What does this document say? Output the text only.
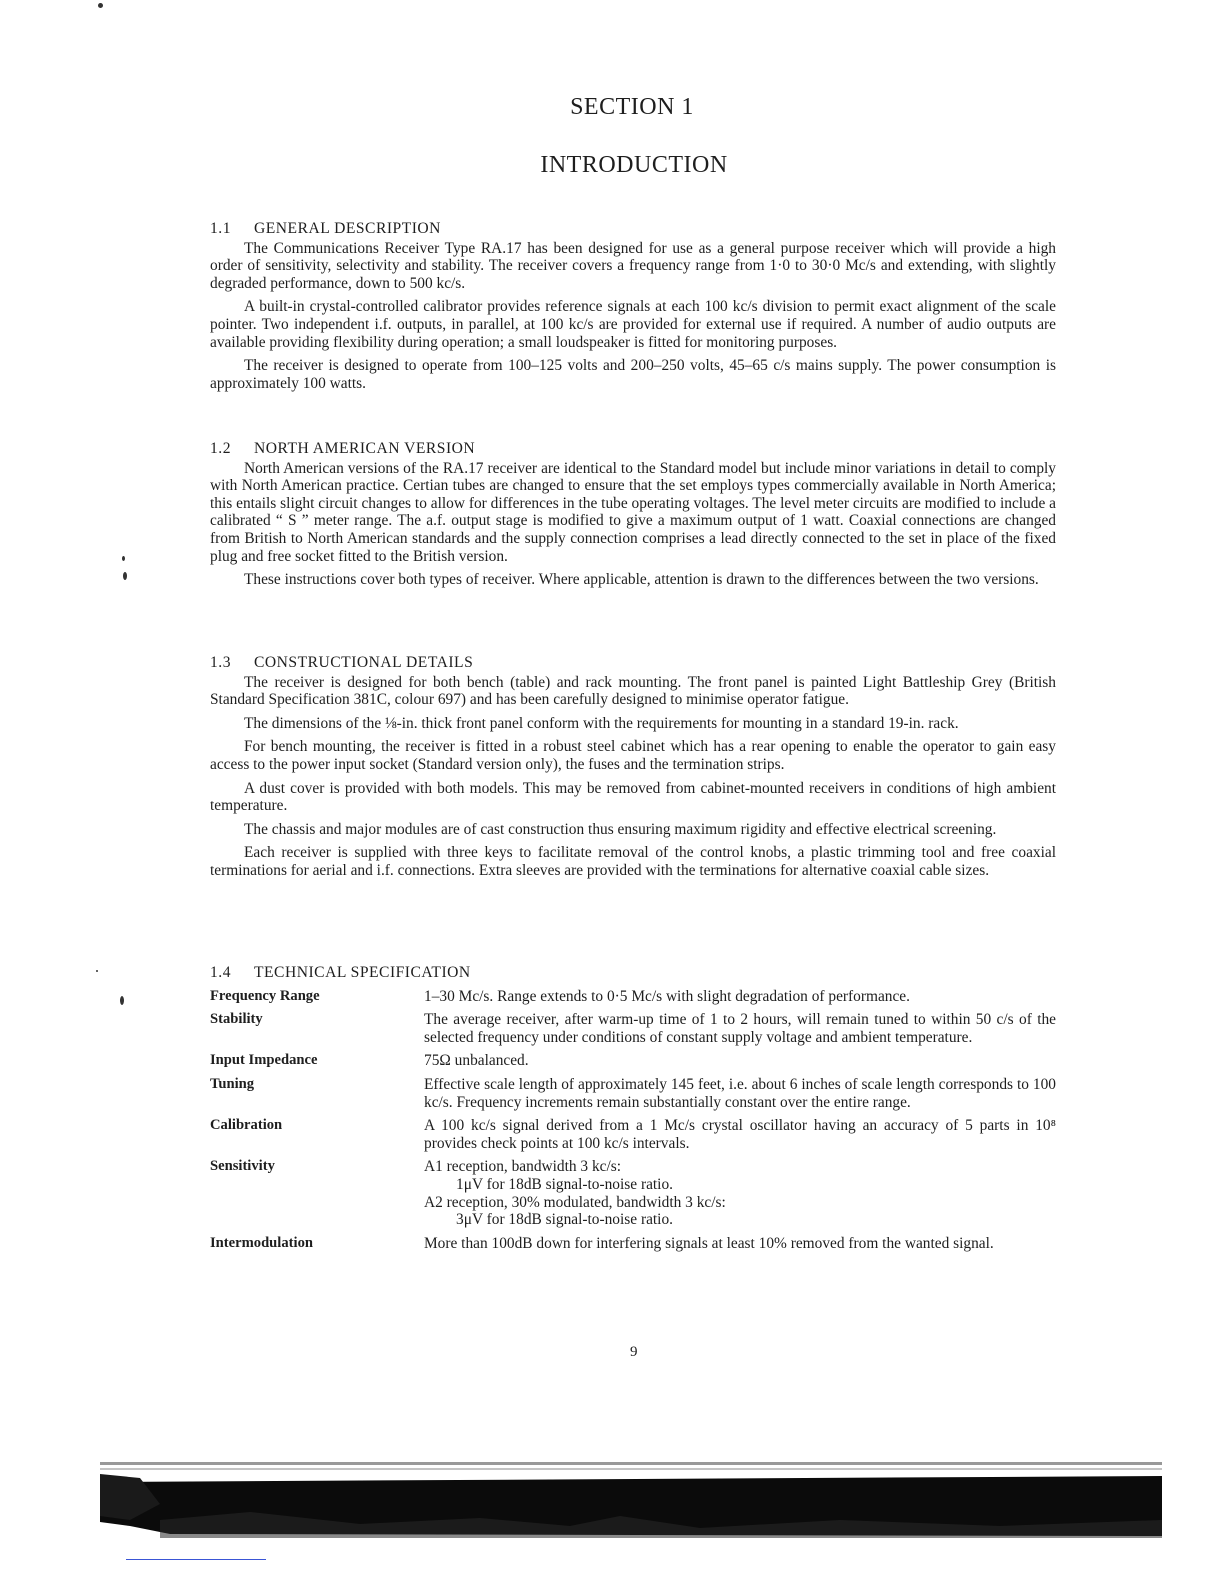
SECTION 1
INTRODUCTION
1.1 GENERAL DESCRIPTION

The Communications Receiver Type RA.17 has been designed for use as a general purpose receiver which will provide a high order of sensitivity, selectivity and stability. The receiver covers a frequency range from 1·0 to 30·0 Mc/s and extending, with slightly degraded performance, down to 500 kc/s.

A built-in crystal-controlled calibrator provides reference signals at each 100 kc/s division to permit exact alignment of the scale pointer. Two independent i.f. outputs, in parallel, at 100 kc/s are provided for external use if required. A number of audio outputs are available providing flexibility during operation; a small loudspeaker is fitted for monitoring purposes.

The receiver is designed to operate from 100–125 volts and 200–250 volts, 45–65 c/s mains supply. The power consumption is approximately 100 watts.

1.2 NORTH AMERICAN VERSION

North American versions of the RA.17 receiver are identical to the Standard model but include minor variations in detail to comply with North American practice. Certian tubes are changed to ensure that the set employs types commercially available in North America; this entails slight circuit changes to allow for differences in the tube operating voltages. The level meter circuits are modified to include a calibrated “ S ” meter range. The a.f. output stage is modified to give a maximum output of 1 watt. Coaxial connections are changed from British to North American standards and the supply connection comprises a lead directly connected to the set in place of the fixed plug and free socket fitted to the British version.

These instructions cover both types of receiver. Where applicable, attention is drawn to the differences between the two versions.

1.3 CONSTRUCTIONAL DETAILS

The receiver is designed for both bench (table) and rack mounting. The front panel is painted Light Battleship Grey (British Standard Specification 381C, colour 697) and has been carefully designed to minimise operator fatigue.

The dimensions of the ⅛-in. thick front panel conform with the requirements for mounting in a standard 19-in. rack.

For bench mounting, the receiver is fitted in a robust steel cabinet which has a rear opening to enable the operator to gain easy access to the power input socket (Standard version only), the fuses and the termination strips.

A dust cover is provided with both models. This may be removed from cabinet-mounted receivers in conditions of high ambient temperature.

The chassis and major modules are of cast construction thus ensuring maximum rigidity and effective electrical screening.

Each receiver is supplied with three keys to facilitate removal of the control knobs, a plastic trimming tool and free coaxial terminations for aerial and i.f. connections. Extra sleeves are provided with the terminations for alternative coaxial cable sizes.

1.4 TECHNICAL SPECIFICATION
Frequency Range	1–30 Mc/s. Range extends to 0·5 Mc/s with slight degradation of performance.
Stability	The average receiver, after warm-up time of 1 to 2 hours, will remain tuned to within 50 c/s of the selected frequency under conditions of constant supply voltage and ambient temperature.
Input Impedance	75Ω unbalanced.
Tuning	Effective scale length of approximately 145 feet, i.e. about 6 inches of scale length corresponds to 100 kc/s. Frequency increments remain substantially constant over the entire range.
Calibration	A 100 kc/s signal derived from a 1 Mc/s crystal oscillator having an accuracy of 5 parts in 10⁸ provides check points at 100 kc/s intervals.
Sensitivity	A1 reception, bandwidth 3 kc/s:
1μV for 18dB signal-to-noise ratio.
A2 reception, 30% modulated, bandwidth 3 kc/s:
3μV for 18dB signal-to-noise ratio.
Intermodulation	More than 100dB down for interfering signals at least 10% removed from the wanted signal.
9
